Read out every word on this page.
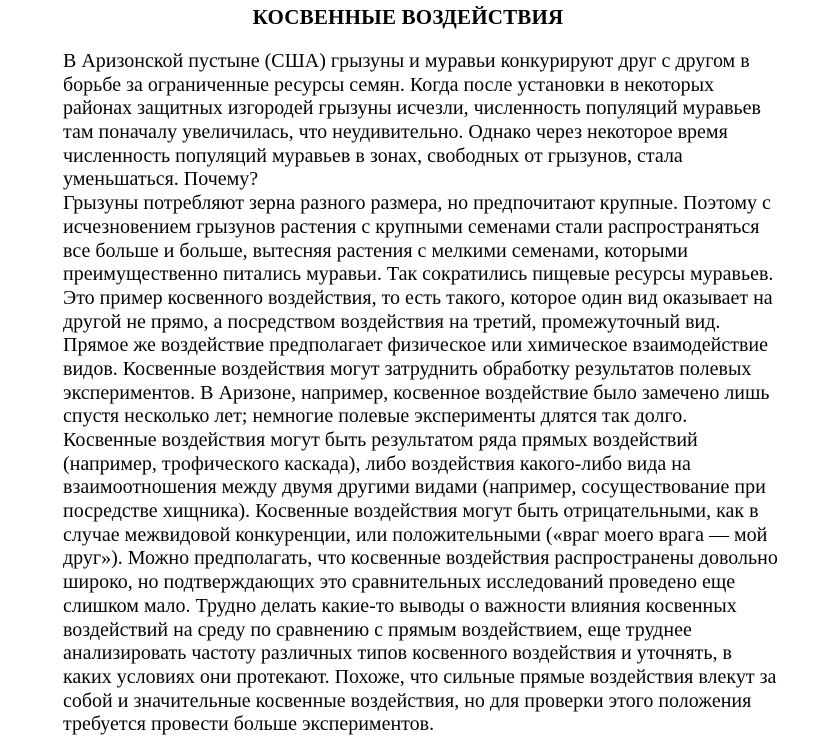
КОСВЕННЫЕ ВОЗДЕЙСТВИЯ
В Аризонской пустыне (США) грызуны и муравьи конкурируют друг с другом в
борьбе за ограниченные ресурсы семян. Когда после установки в некоторых
районах защитных изгородей грызуны исчезли, численность популяций муравьев
там поначалу увеличилась, что неудивительно. Однако через некоторое время
численность популяций муравьев в зонах, свободных от грызунов, стала
уменьшаться. Почему?
Грызуны потребляют зерна разного размера, но предпочитают крупные. Поэтому с
исчезновением грызунов растения с крупными семенами стали распространяться
все больше и больше, вытесняя растения с мелкими семенами, которыми
преимущественно питались муравьи. Так сократились пищевые ресурсы муравьев.
Это пример косвенного воздействия, то есть такого, которое один вид оказывает на
другой не прямо, а посредством воздействия на третий, промежуточный вид.
Прямое же воздействие предполагает физическое или химическое взаимодействие
видов. Косвенные воздействия могут затруднить обработку результатов полевых
экспериментов. В Аризоне, например, косвенное воздействие было замечено лишь
спустя несколько лет; немногие полевые эксперименты длятся так долго.
Косвенные воздействия могут быть результатом ряда прямых воздействий
(например, трофического каскада), либо воздействия какого-либо вида на
взаимоотношения между двумя другими видами (например, сосуществование при
посредстве хищника). Косвенные воздействия могут быть отрицательными, как в
случае межвидовой конкуренции, или положительными («враг моего врага — мой
друг»). Можно предполагать, что косвенные воздействия распространены довольно
широко, но подтверждающих это сравнительных исследований проведено еще
слишком мало. Трудно делать какие-то выводы о важности влияния косвенных
воздействий на среду по сравнению с прямым воздействием, еще труднее
анализировать частоту различных типов косвенного воздействия и уточнять, в
каких условиях они протекают. Похоже, что сильные прямые воздействия влекут за
собой и значительные косвенные воздействия, но для проверки этого положения
требуется провести больше экспериментов.
